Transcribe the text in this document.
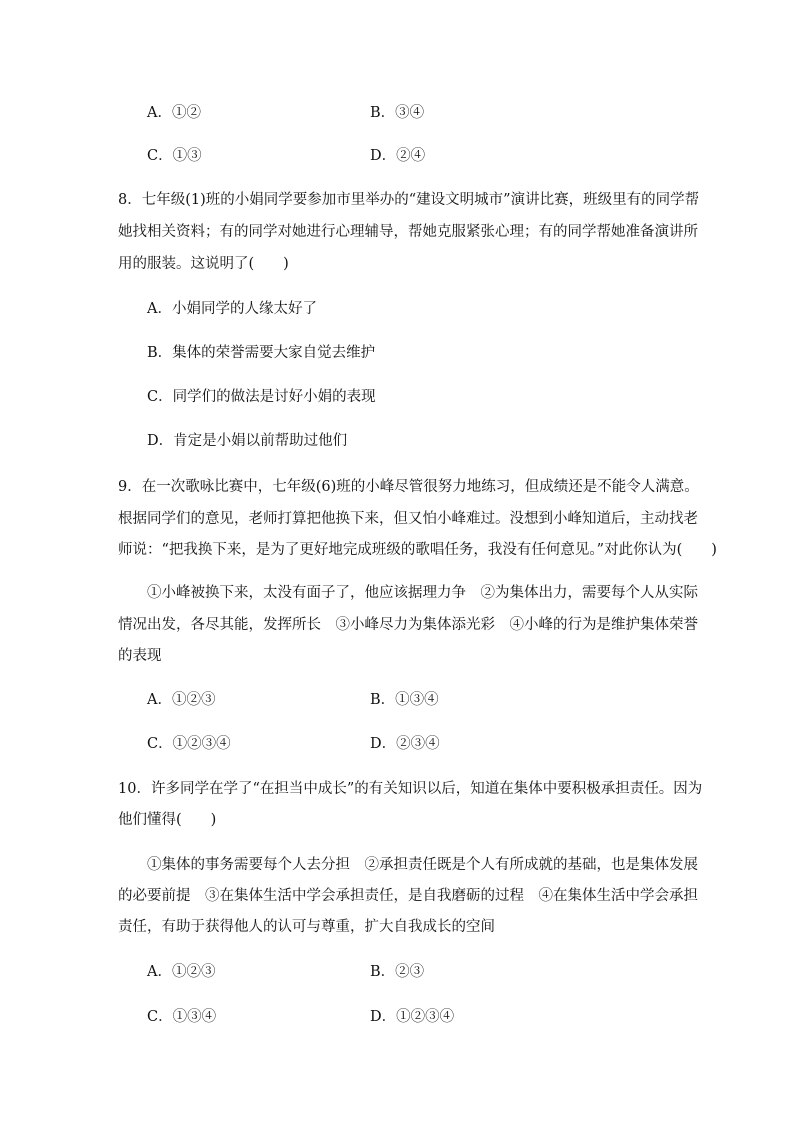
A．①②	B．③④
C．①③	D．②④
8．七年级(1)班的小娟同学要参加市里举办的“建设文明城市”演讲比赛，班级里有的同学帮
她找相关资料；有的同学对她进行心理辅导，帮她克服紧张心理；有的同学帮她准备演讲所
用的服装。这说明了(　　)
A．小娟同学的人缘太好了
B．集体的荣誉需要大家自觉去维护
C．同学们的做法是讨好小娟的表现
D．肯定是小娟以前帮助过他们
9．在一次歌咏比赛中，七年级(6)班的小峰尽管很努力地练习，但成绩还是不能令人满意。
根据同学们的意见，老师打算把他换下来，但又怕小峰难过。没想到小峰知道后，主动找老
师说：“把我换下来，是为了更好地完成班级的歌唱任务，我没有任何意见。”对此你认为(　　)
①小峰被换下来，太没有面子了，他应该据理力争　②为集体出力，需要每个人从实际
情况出发，各尽其能，发挥所长　③小峰尽力为集体添光彩　④小峰的行为是维护集体荣誉
的表现
A．①②③	B．①③④
C．①②③④	D．②③④
10．许多同学在学了“在担当中成长”的有关知识以后，知道在集体中要积极承担责任。因为
他们懂得(　　)
①集体的事务需要每个人去分担　②承担责任既是个人有所成就的基础，也是集体发展
的必要前提　③在集体生活中学会承担责任，是自我磨砺的过程　④在集体生活中学会承担
责任，有助于获得他人的认可与尊重，扩大自我成长的空间
A．①②③	B．②③
C．①③④	D．①②③④
